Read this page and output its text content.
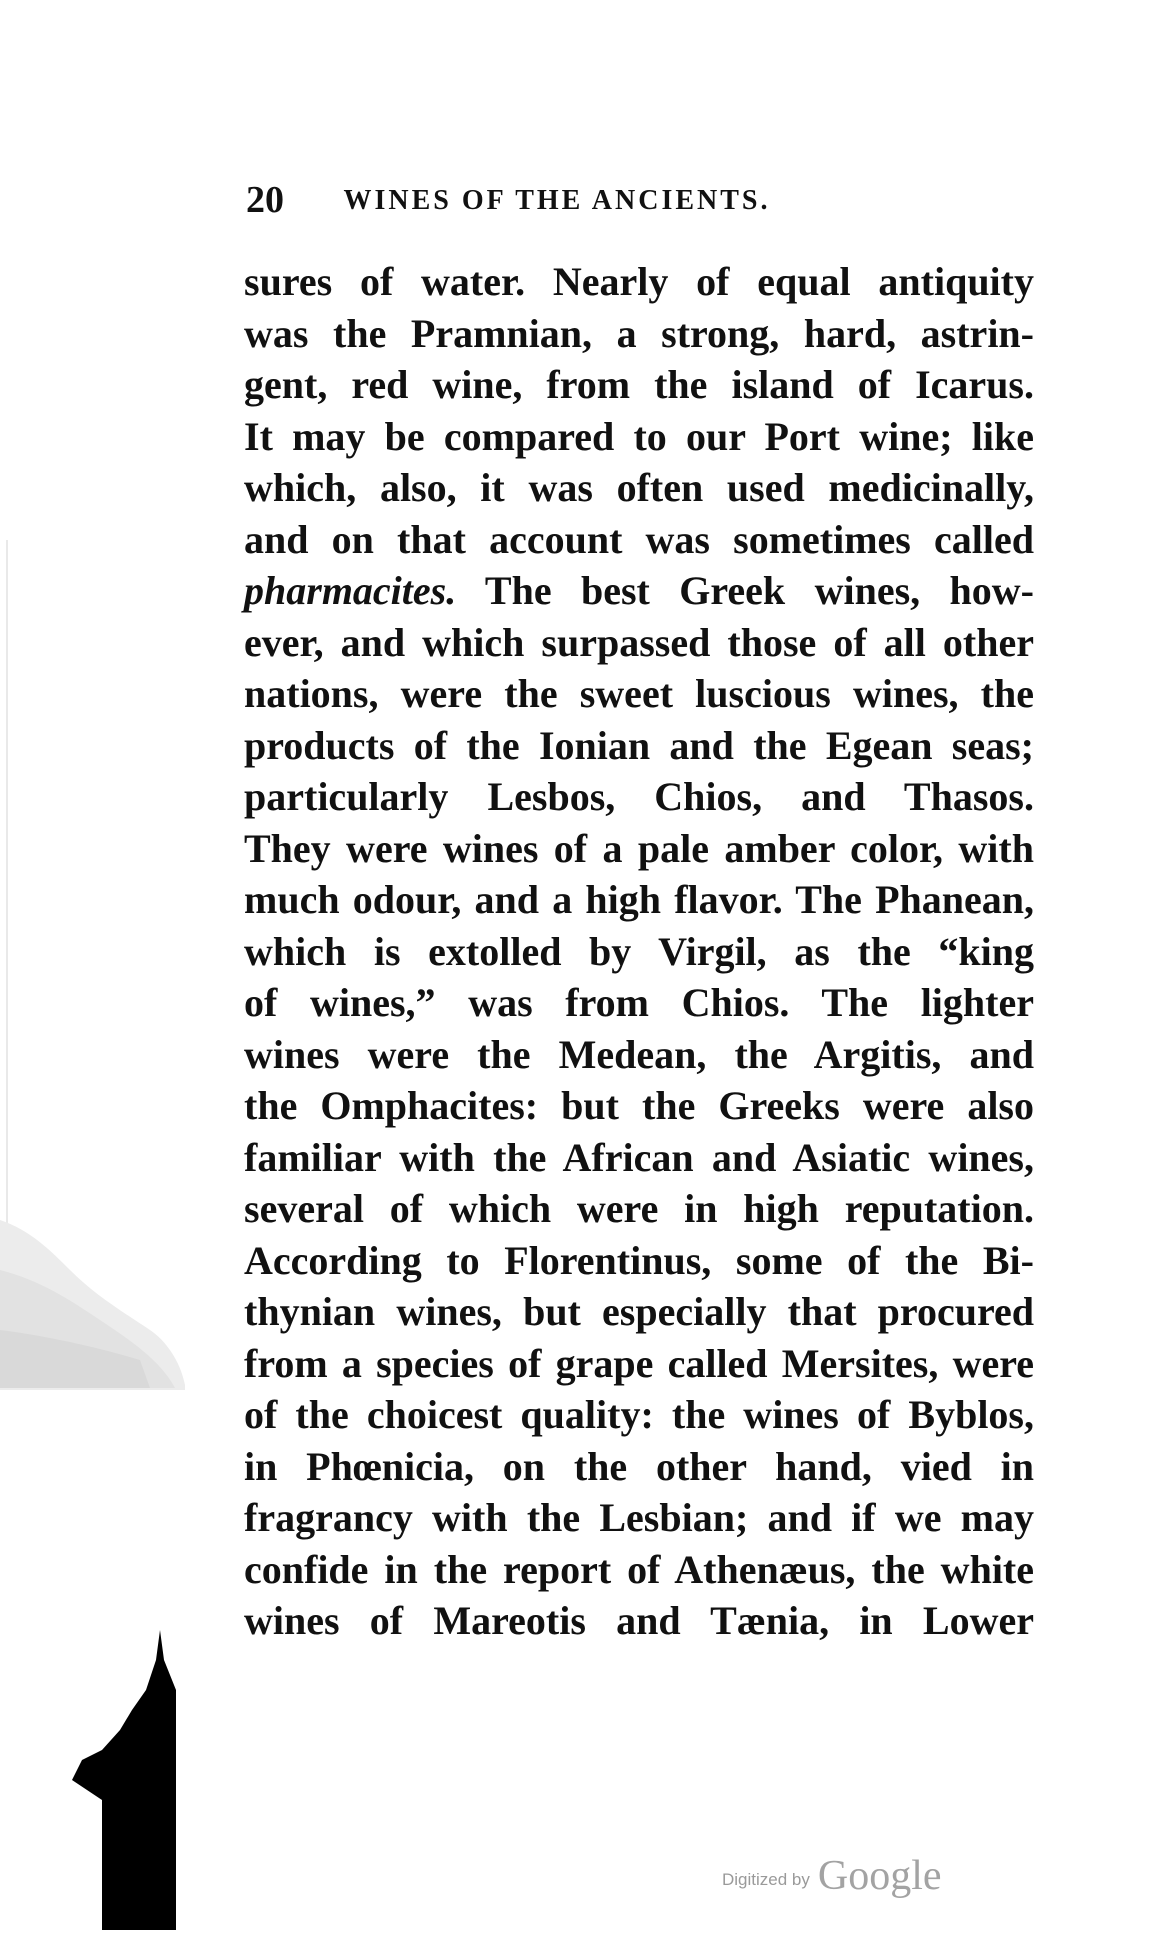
20 WINES OF THE ANCIENTS.
sures of water. Nearly of equal antiquity
was the Pramnian, a strong, hard, astrin-
gent, red wine, from the island of Icarus.
It may be compared to our Port wine; like
which, also, it was often used medicinally,
and on that account was sometimes called
pharmacites. The best Greek wines, how-
ever, and which surpassed those of all other
nations, were the sweet luscious wines, the
products of the Ionian and the Egean seas;
particularly Lesbos, Chios, and Thasos.
They were wines of a pale amber color, with
much odour, and a high flavor. The Phanean,
which is extolled by Virgil, as the “king
of wines,” was from Chios. The lighter
wines were the Medean, the Argitis, and
the Omphacites: but the Greeks were also
familiar with the African and Asiatic wines,
several of which were in high reputation.
According to Florentinus, some of the Bi-
thynian wines, but especially that procured
from a species of grape called Mersites, were
of the choicest quality: the wines of Byblos,
in Phœnicia, on the other hand, vied in
fragrancy with the Lesbian; and if we may
confide in the report of Athenæus, the white
wines of Mareotis and Tænia, in Lower
Digitized by Google
